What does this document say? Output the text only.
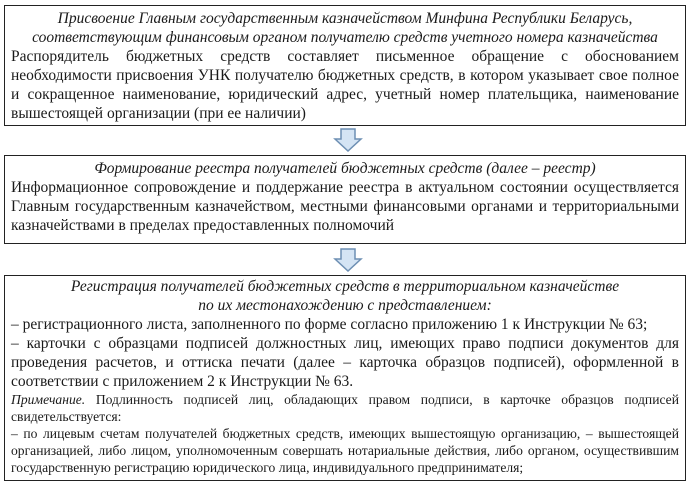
Присвоение Главным государственным казначейством Минфина Республики Беларусь,
соответствующим финансовым органом получателю средств учетного номера казначейства
Распорядитель бюджетных средств составляет письменное обращение с обоснованием необходимости присвоения УНК получателю бюджетных средств, в котором указывает свое полное и сокращенное наименование, юридический адрес, учетный номер плательщика, наименование вышестоящей организации (при ее наличии)
Формирование реестра получателей бюджетных средств (далее – реестр)
Информационное сопровождение и поддержание реестра в актуальном состоянии осуществляется Главным государственным казначейством, местными финансовыми органами и территориальными казначействами в пределах предоставленных полномочий
Регистрация получателей бюджетных средств в территориальном казначействе
по их местонахождению с представлением:
– регистрационного листа, заполненного по форме согласно приложению 1 к Инструкции № 63;
– карточки с образцами подписей должностных лиц, имеющих право подписи документов для проведения расчетов, и оттиска печати (далее – карточка образцов подписей), оформленной в соответствии с приложением 2 к Инструкции № 63.
Примечание. Подлинность подписей лиц, обладающих правом подписи, в карточке образцов подписей свидетельствуется:
– по лицевым счетам получателей бюджетных средств, имеющих вышестоящую организацию, – вышестоящей организацией, либо лицом, уполномоченным совершать нотариальные действия, либо органом, осуществившим государственную регистрацию юридического лица, индивидуального предпринимателя;
